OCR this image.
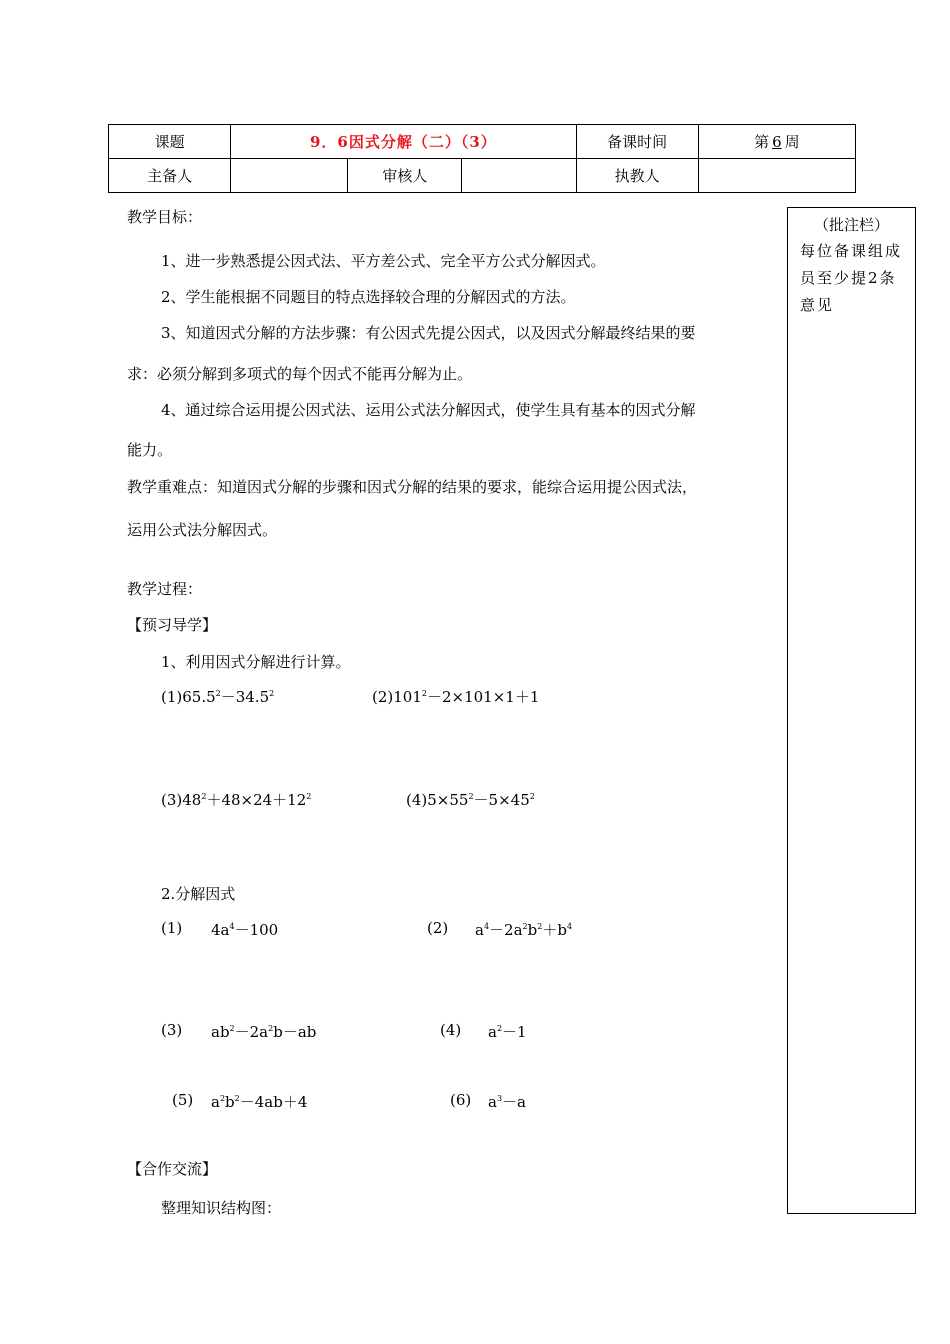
课题	9．6因式分解（二）（3）			备课时间	第 6 周
主备人		审核人		执教人	
（批注栏）
每位备课组成员至少提2条意见
教学目标：
1、进一步熟悉提公因式法、平方差公式、完全平方公式分解因式。
2、学生能根据不同题目的特点选择较合理的分解因式的方法。
3、知道因式分解的方法步骤：有公因式先提公因式，以及因式分解最终结果的要
求：必须分解到多项式的每个因式不能再分解为止。
4、通过综合运用提公因式法、运用公式法分解因式，使学生具有基本的因式分解
能力。
教学重难点：知道因式分解的步骤和因式分解的结果的要求，能综合运用提公因式法，
运用公式法分解因式。
教学过程：
【预习导学】
1、利用因式分解进行计算。
$(1)65.5^2-34.5^2$	$(2)101^2-2\times 101\times 1+1$
$(3)48^2+48\times 24+12^2$	$(4)5\times 55^2-5\times 45^2$
2.分解因式
(1) $4a^4-100$	(2) $a^4-2a^2b^2+b^4$
(3) $ab^2-2a^2b-ab$	(4) $a^2-1$
(5) $a^2b^2-4ab+4$	(6) $a^3-a$
【合作交流】
整理知识结构图：
